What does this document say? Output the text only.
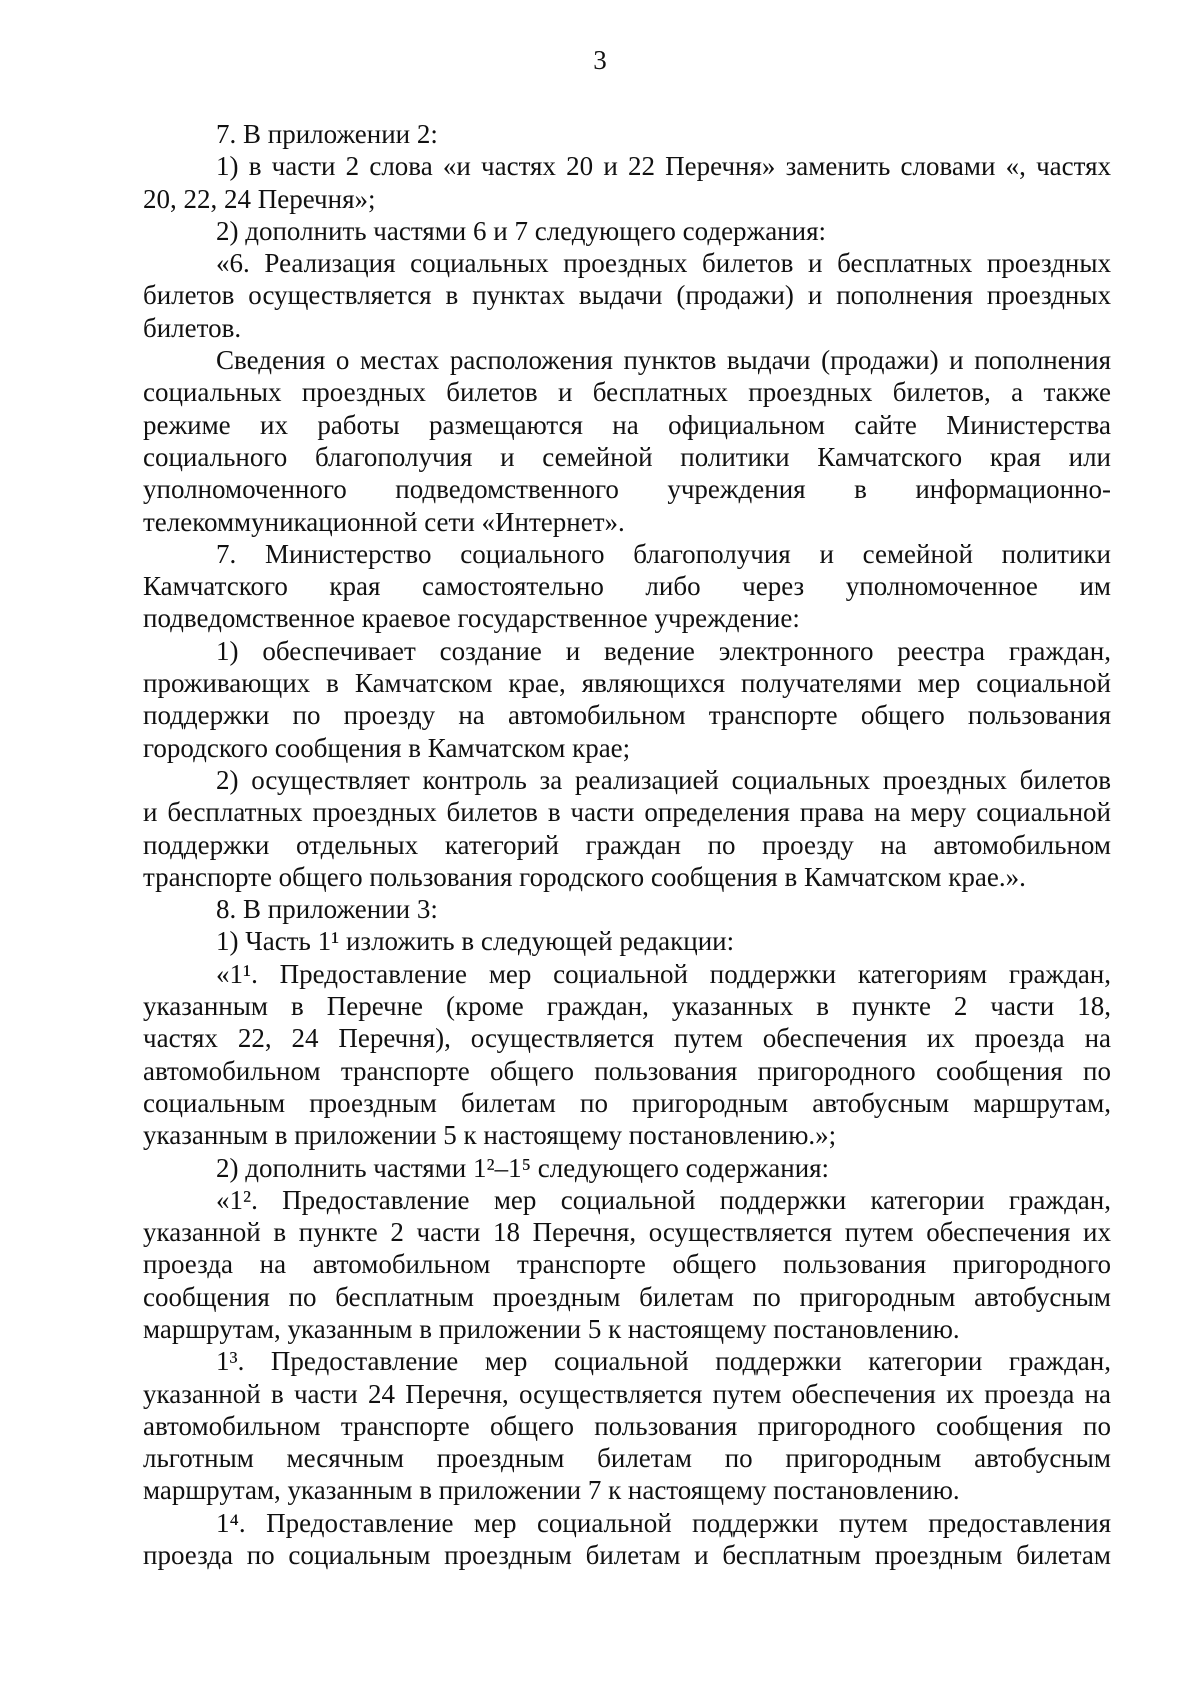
3
7. В приложении 2:
1) в части 2 слова «и частях 20 и 22 Перечня» заменить словами «, частях
20, 22, 24 Перечня»;
2) дополнить частями 6 и 7 следующего содержания:
«6. Реализация социальных проездных билетов и бесплатных проездных
билетов осуществляется в пунктах выдачи (продажи) и пополнения проездных
билетов.
Сведения о местах расположения пунктов выдачи (продажи) и пополнения
социальных проездных билетов и бесплатных проездных билетов, а также
режиме их работы размещаются на официальном сайте Министерства
социального благополучия и семейной политики Камчатского края или
уполномоченного подведомственного учреждения в информационно-
телекоммуникационной сети «Интернет».
7. Министерство социального благополучия и семейной политики
Камчатского края самостоятельно либо через уполномоченное им
подведомственное краевое государственное учреждение:
1) обеспечивает создание и ведение электронного реестра граждан,
проживающих в Камчатском крае, являющихся получателями мер социальной
поддержки по проезду на автомобильном транспорте общего пользования
городского сообщения в Камчатском крае;
2) осуществляет контроль за реализацией социальных проездных билетов
и бесплатных проездных билетов в части определения права на меру социальной
поддержки отдельных категорий граждан по проезду на автомобильном
транспорте общего пользования городского сообщения в Камчатском крае.».
8. В приложении 3:
1) Часть 1¹ изложить в следующей редакции:
«1¹. Предоставление мер социальной поддержки категориям граждан,
указанным в Перечне (кроме граждан, указанных в пункте 2 части 18,
частях 22, 24 Перечня), осуществляется путем обеспечения их проезда на
автомобильном транспорте общего пользования пригородного сообщения по
социальным проездным билетам по пригородным автобусным маршрутам,
указанным в приложении 5 к настоящему постановлению.»;
2) дополнить частями 1²–1⁵ следующего содержания:
«1². Предоставление мер социальной поддержки категории граждан,
указанной в пункте 2 части 18 Перечня, осуществляется путем обеспечения их
проезда на автомобильном транспорте общего пользования пригородного
сообщения по бесплатным проездным билетам по пригородным автобусным
маршрутам, указанным в приложении 5 к настоящему постановлению.
1³. Предоставление мер социальной поддержки категории граждан,
указанной в части 24 Перечня, осуществляется путем обеспечения их проезда на
автомобильном транспорте общего пользования пригородного сообщения по
льготным месячным проездным билетам по пригородным автобусным
маршрутам, указанным в приложении 7 к настоящему постановлению.
1⁴. Предоставление мер социальной поддержки путем предоставления
проезда по социальным проездным билетам и бесплатным проездным билетам
